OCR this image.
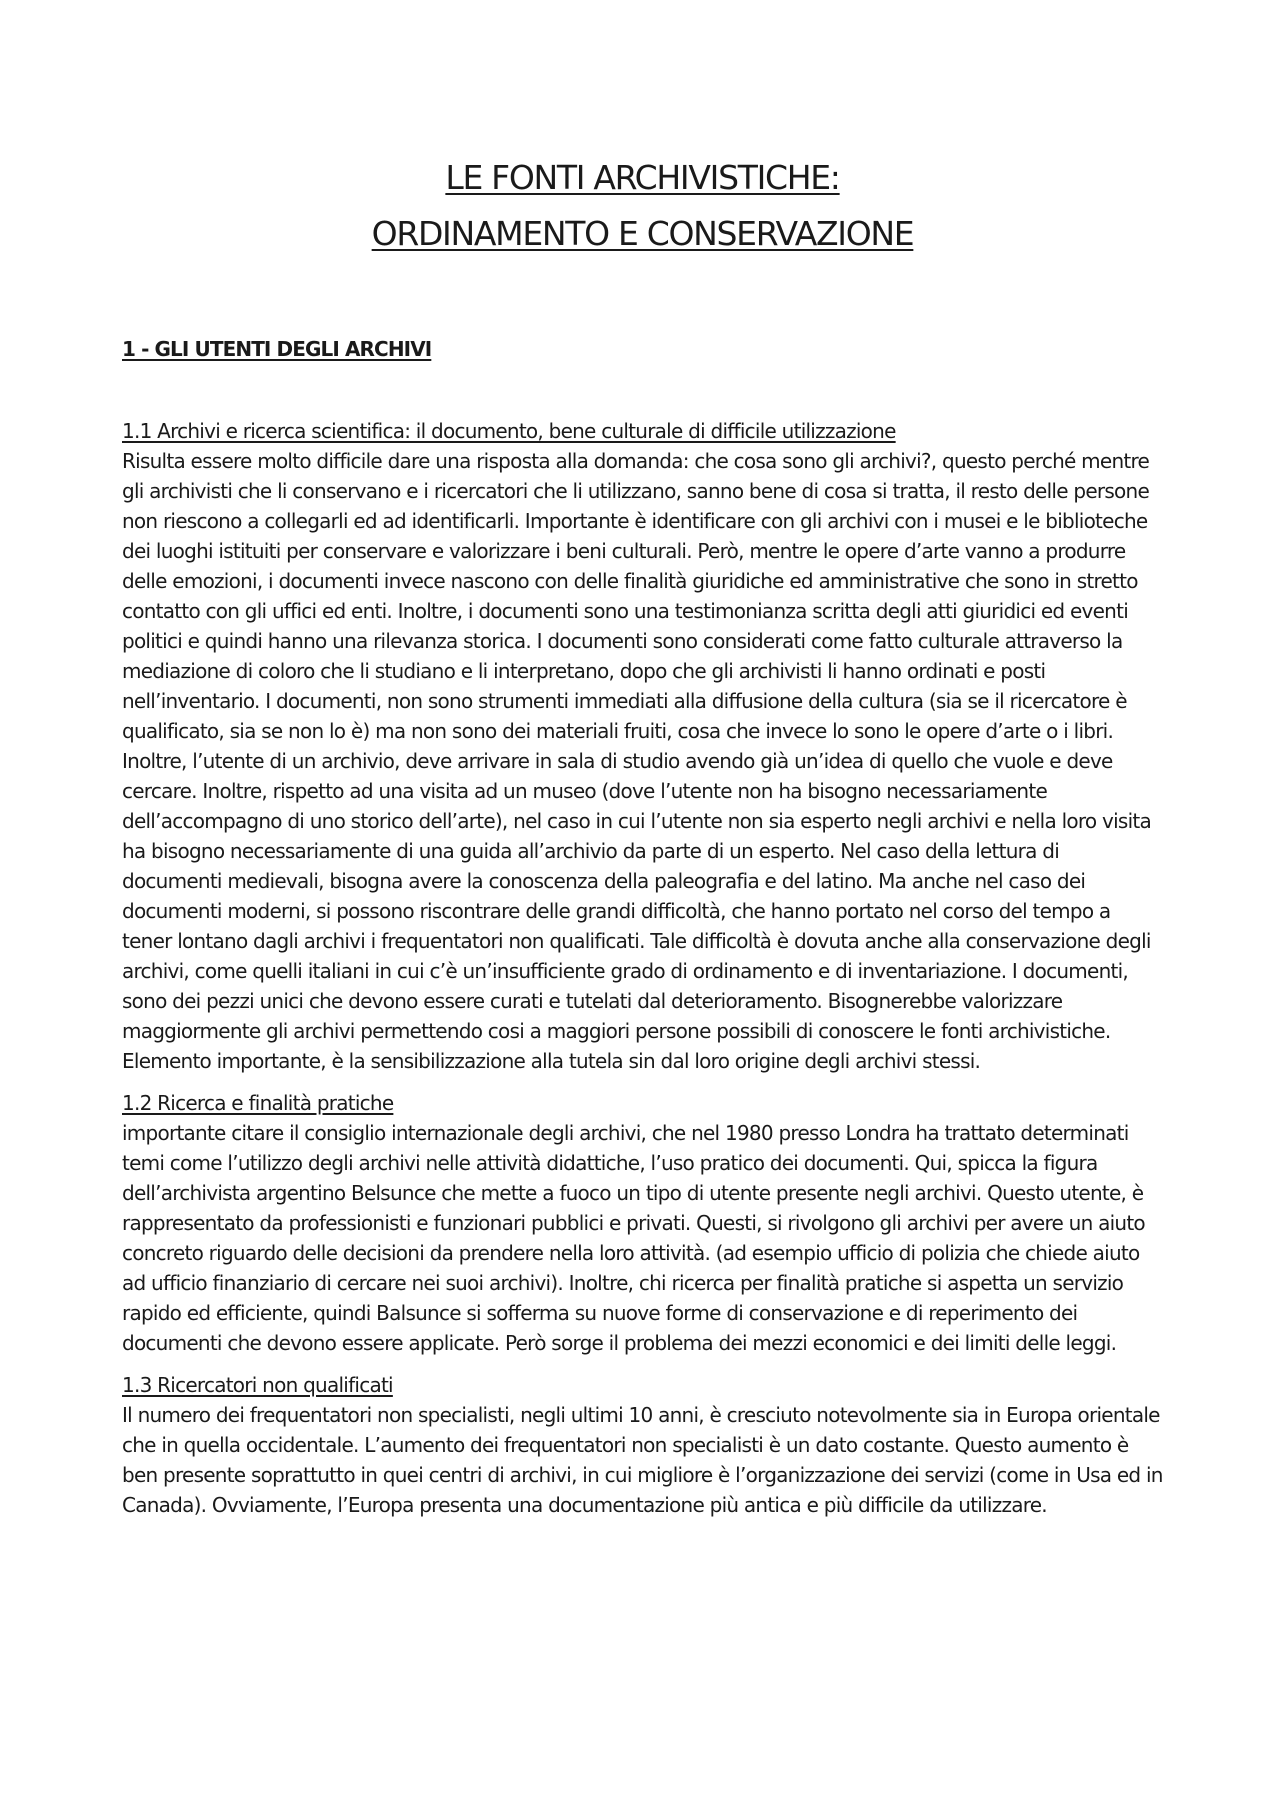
LE FONTI ARCHIVISTICHE:
ORDINAMENTO E CONSERVAZIONE
1 - GLI UTENTI DEGLI ARCHIVI
1.1 Archivi e ricerca scientifica: il documento, bene culturale di difficile utilizzazione

Risulta essere molto difficile dare una risposta alla domanda: che cosa sono gli archivi?, questo perché mentre gli archivisti che li conservano e i ricercatori che li utilizzano, sanno bene di cosa si tratta, il resto delle persone non riescono a collegarli ed ad identificarli. Importante è identificare con gli archivi con i musei e le biblioteche dei luoghi istituiti per conservare e valorizzare i beni culturali. Però, mentre le opere d’arte vanno a produrre delle emozioni, i documenti invece nascono con delle finalità giuridiche ed amministrative che sono in stretto contatto con gli uffici ed enti. Inoltre, i documenti sono una testimonianza scritta degli atti giuridici ed eventi politici e quindi hanno una rilevanza storica. I documenti sono considerati come fatto culturale attraverso la mediazione di coloro che li studiano e li interpretano, dopo che gli archivisti li hanno ordinati e posti nell’inventario. I documenti, non sono strumenti immediati alla diffusione della cultura (sia se il ricercatore è qualificato, sia se non lo è) ma non sono dei materiali fruiti, cosa che invece lo sono le opere d’arte o i libri. Inoltre, l’utente di un archivio, deve arrivare in sala di studio avendo già un’idea di quello che vuole e deve cercare. Inoltre, rispetto ad una visita ad un museo (dove l’utente non ha bisogno necessariamente dell’accompagno di uno storico dell’arte), nel caso in cui l’utente non sia esperto negli archivi e nella loro visita ha bisogno necessariamente di una guida all’archivio da parte di un esperto. Nel caso della lettura di documenti medievali, bisogna avere la conoscenza della paleografia e del latino. Ma anche nel caso dei documenti moderni, si possono riscontrare delle grandi difficoltà, che hanno portato nel corso del tempo a tener lontano dagli archivi i frequentatori non qualificati. Tale difficoltà è dovuta anche alla conservazione degli archivi, come quelli italiani in cui c’è un’insufficiente grado di ordinamento e di inventariazione. I documenti, sono dei pezzi unici che devono essere curati e tutelati dal deterioramento. Bisognerebbe valorizzare maggiormente gli archivi permettendo cosi a maggiori persone possibili di conoscere le fonti archivistiche. Elemento importante, è la sensibilizzazione alla tutela sin dal loro origine degli archivi stessi.

1.2 Ricerca e finalità pratiche

importante citare il consiglio internazionale degli archivi, che nel 1980 presso Londra ha trattato determinati temi come l’utilizzo degli archivi nelle attività didattiche, l’uso pratico dei documenti. Qui, spicca la figura dell’archivista argentino Belsunce che mette a fuoco un tipo di utente presente negli archivi. Questo utente, è rappresentato da professionisti e funzionari pubblici e privati. Questi, si rivolgono gli archivi per avere un aiuto concreto riguardo delle decisioni da prendere nella loro attività. (ad esempio ufficio di polizia che chiede aiuto ad ufficio finanziario di cercare nei suoi archivi). Inoltre, chi ricerca per finalità pratiche si aspetta un servizio rapido ed efficiente, quindi Balsunce si sofferma su nuove forme di conservazione e di reperimento dei documenti che devono essere applicate. Però sorge il problema dei mezzi economici e dei limiti delle leggi.

1.3 Ricercatori non qualificati

Il numero dei frequentatori non specialisti, negli ultimi 10 anni, è cresciuto notevolmente sia in Europa orientale che in quella occidentale. L’aumento dei frequentatori non specialisti è un dato costante. Questo aumento è ben presente soprattutto in quei centri di archivi, in cui migliore è l’organizzazione dei servizi (come in Usa ed in Canada). Ovviamente, l’Europa presenta una documentazione più antica e più difficile da utilizzare.
